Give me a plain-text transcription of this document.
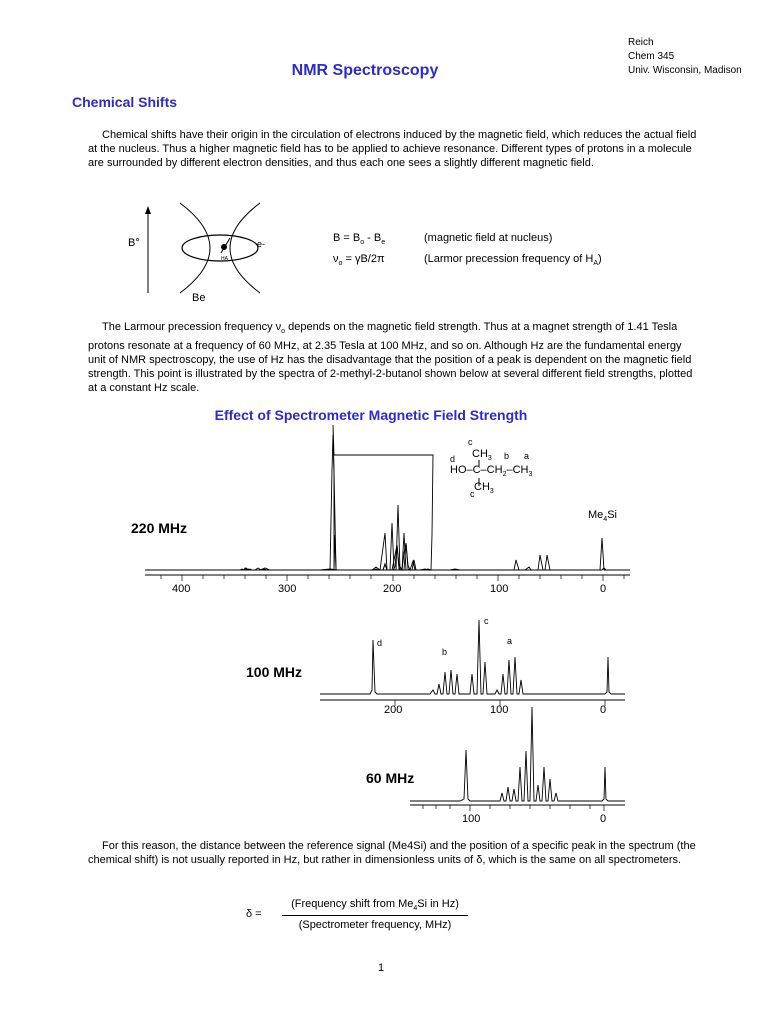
Reich
Chem 345
Univ. Wisconsin, Madison
NMR Spectroscopy
Chemical Shifts
Chemical shifts have their origin in the circulation of electrons induced by the magnetic field, which reduces the actual field at the nucleus. Thus a higher magnetic field has to be applied to achieve resonance. Different types of protons in a molecule are surrounded by different electron densities, and thus each one sees a slightly different magnetic field.
B°	e-
HA
Be
$B = B_o - B_e$	(magnetic field at nucleus)
$\nu_o = \gamma B/2\pi$	(Larmor precession frequency of $H_A$)
The Larmour precession frequency $\nu_o$ depends on the magnetic field strength. Thus at a magnet strength of 1.41 Tesla protons resonate at a frequency of 60 MHz, at 2.35 Tesla at 100 MHz, and so on. Although Hz are the fundamental energy unit of NMR spectroscopy, the use of Hz has the disadvantage that the position of a peak is dependent on the magnetic field strength. This point is illustrated by the spectra of 2-methyl-2-butanol shown below at several different field strengths, plotted at a constant Hz scale.
Effect of Spectrometer Magnetic Field Strength
c
d $CH_3$ b a
$HO-C-CH_2-CH_3$
c
$CH_3$
$Me_4Si$
220 MHz
400	300	200	100	0
100 MHz
200	100	0
d
b
c
a
60 MHz
100	0
For this reason, the distance between the reference signal (Me4Si) and the position of a specific peak in the spectrum (the chemical shift) is not usually reported in Hz, but rather in dimensionless units of δ, which is the same on all spectrometers.
δ =
(Frequency shift from $Me_4Si$ in Hz)
(Spectrometer frequency, MHz)
1
